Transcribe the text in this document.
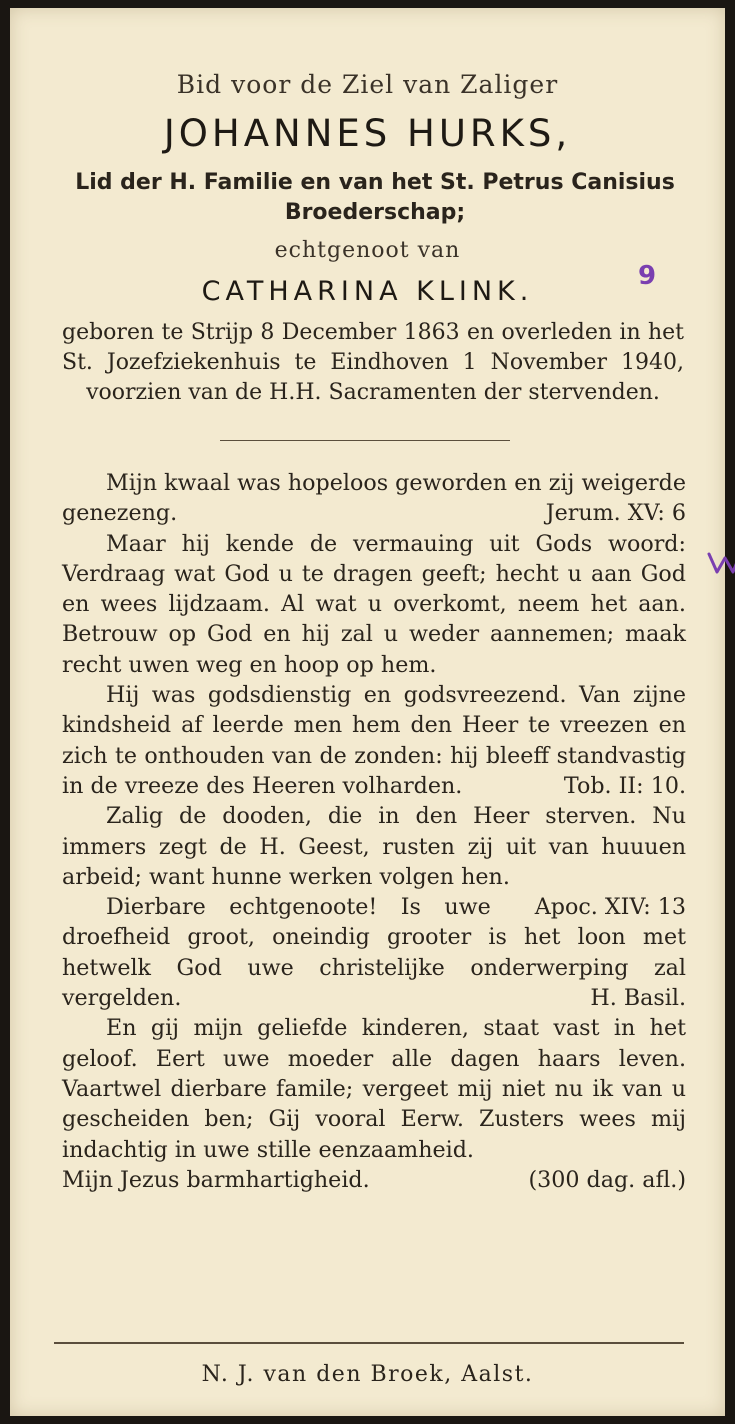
Bid voor de Ziel van Zaliger
JOHANNES HURKS,
Lid der H. Familie en van het St. Petrus Canisius Broederschap;
echtgenoot van
CATHARINA KLINK.	9
geboren te Strijp 8 December 1863 en overleden in het St. Jozefziekenhuis te Eindhoven 1 November 1940, voorzien van de H.H. Sacramenten der stervenden.

Mijn kwaal was hopeloos geworden en zij weigerde genezeng.	Jerum. XV: 6

Maar hij kende de vermauing uit Gods woord: Verdraag wat God u te dragen geeft; hecht u aan God en wees lijdzaam. Al wat u overkomt, neem het aan. Betrouw op God en hij zal u weder aannemen; maak recht uwen weg en hoop op hem.

Hij was godsdienstig en godsvreezend. Van zijne kindsheid af leerde men hem den Heer te vreezen en zich te onthouden van de zonden: hij bleeff standvastig in de vreeze des Heeren volharden.	Tob. II: 10.

Zalig de dooden, die in den Heer sterven. Nu immers zegt de H. Geest, rusten zij uit van huuuen arbeid; want hunne werken volgen hen.
Apoc. XIV: 13

Dierbare echtgenoote! Is uwe droefheid groot, oneindig grooter is het loon met hetwelk God uwe christelijke onderwerping zal vergelden.	H. Basil.

En gij mijn geliefde kinderen, staat vast in het geloof. Eert uwe moeder alle dagen haars leven. Vaartwel dierbare famile; vergeet mij niet nu ik van u gescheiden ben; Gij vooral Eerw. Zusters wees mij indachtig in uwe stille eenzaamheid.

Mijn Jezus barmhartigheid.	(300 dag. afl.)

N. J. van den Broek, Aalst.
